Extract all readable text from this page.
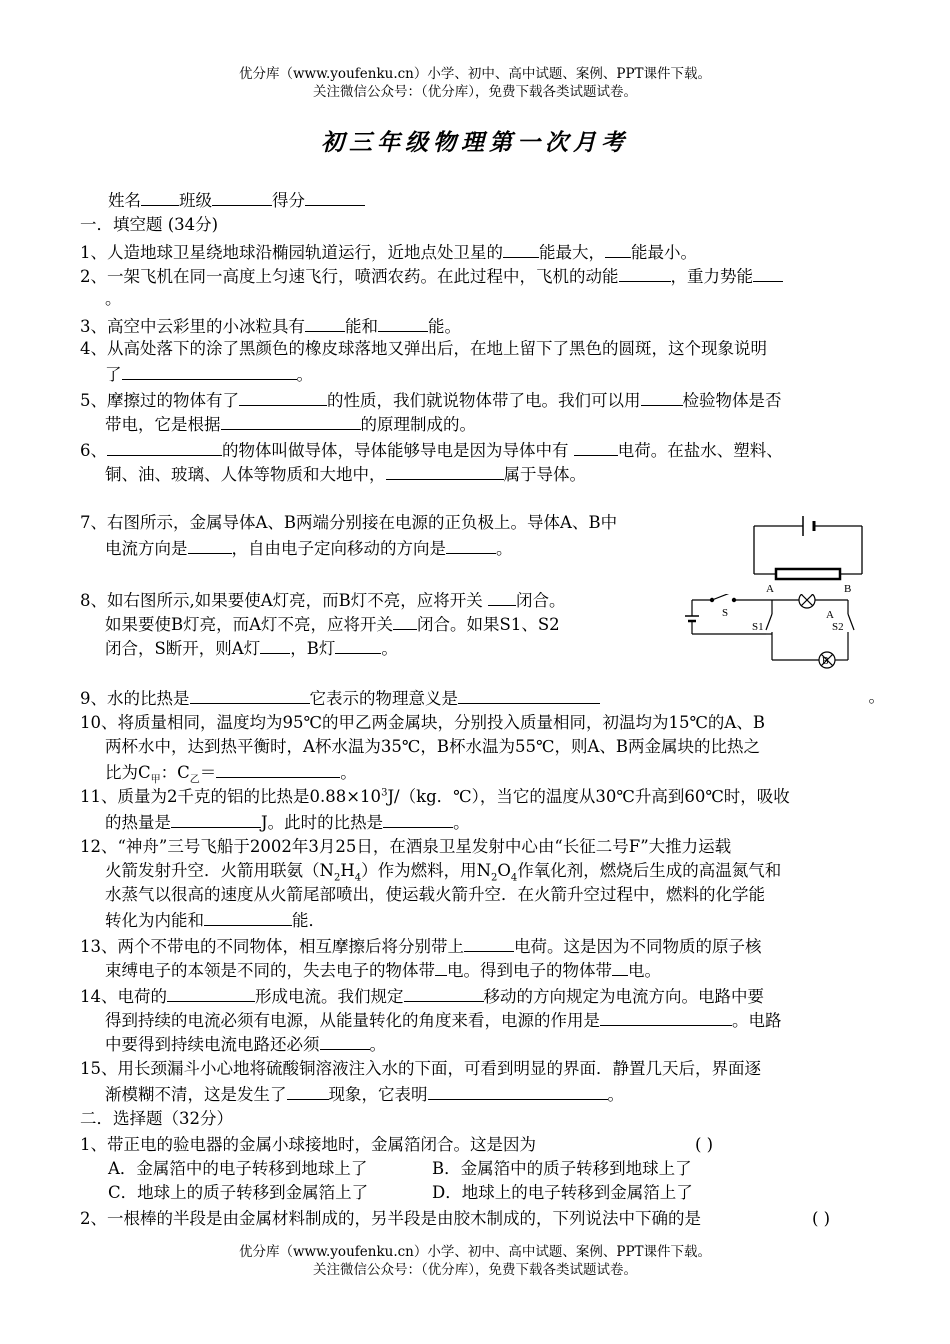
优分库（www.youfenku.cn）小学、初中、高中试题、案例、PPT课件下载。
关注微信公众号：（优分库），免费下载各类试题试卷。
初三年级物理第一次月考
姓名 班级	得分
一．填空题 (34分)
1、人造地球卫星绕地球沿椭园轨道运行，近地点处卫星的 能最大， 能最小。
2、一架飞机在同一高度上匀速飞行，喷洒农药。在此过程中，飞机的动能	，重力势能
。
3、高空中云彩里的小冰粒具有 能和	能。
4、从高处落下的涂了黑颜色的橡皮球落地又弹出后，在地上留下了黑色的圆斑，这个现象说明
了	。
5、摩擦过的物体有了	的性质，我们就说物体带了电。我们可以用	检验物体是否
带电，它是根据	的原理制成的。
6、	的物体叫做导体，导体能够导电是因为导体中有	电荷。在盐水、塑料、
铜、油、玻璃、人体等物质和大地中，	属于导体。
7、右图所示，金属导体A、B两端分别接在电源的正负极上。导体A、B中
电流方向是	，自由电子定向移动的方向是	。
8、如右图所示,如果要使A灯亮，而B灯不亮，应将开关 闭合。
如果要使B灯亮，而A灯不亮，应将开关 闭合。如果S1、S2
闭合，S断开，则A灯 ，B灯	。
9、水的比热是	它表示的物理意义是	。
10、将质量相同，温度均为95℃的甲乙两金属块，分别投入质量相同，初温均为15℃的A、B
两杯水中，达到热平衡时，A杯水温为35℃，B杯水温为55℃，则A、B两金属块的比热之
比为$C_甲$：$C_乙=$	。
11、质量为2千克的铝的比热是$0.88\times 10^3J/(kg$．℃），当它的温度从30℃升高到60℃时，吸收
的热量是	J。此时的比热是	。
12、“神舟”三号飞船于2002年3月25日，在酒泉卫星发射中心由“长征二号F”大推力运载
火箭发射升空．火箭用联氨$(N_2H_4)$作为燃料，用$N_2O_4$作氧化剂，燃烧后生成的高温氮气和
水蒸气以很高的速度从火箭尾部喷出，使运载火箭升空．在火箭升空过程中，燃料的化学能
转化为内能和	能．
13、两个不带电的不同物体，相互摩擦后将分别带上	电荷。这是因为不同物质的原子核
束缚电子的本领是不同的，失去电子的物体带 电。得到电子的物体带 电。
14、电荷的	形成电流。我们规定	移动的方向规定为电流方向。电路中要
得到持续的电流必须有电源，从能量转化的角度来看，电源的作用是	。电路
中要得到持续电流电路还必须	。
15、用长颈漏斗小心地将硫酸铜溶液注入水的下面，可看到明显的界面．静置几天后，界面逐
渐模糊不清，这是发生了	现象，它表明	。
二．选择题（32分）
1、带正电的验电器的金属小球接地时，金属箔闭合。这是因为	( )
A．金属箔中的电子转移到地球上了	B．金属箔中的质子转移到地球上了
C．地球上的质子转移到金属箔上了	D．地球上的电子转移到金属箔上了
2、一根棒的半段是由金属材料制成的，另半段是由胶木制成的，下列说法中下确的是	( )
A	B
S
S1
A
S2
B
优分库（www.youfenku.cn）小学、初中、高中试题、案例、PPT课件下载。
关注微信公众号：（优分库），免费下载各类试题试卷。
